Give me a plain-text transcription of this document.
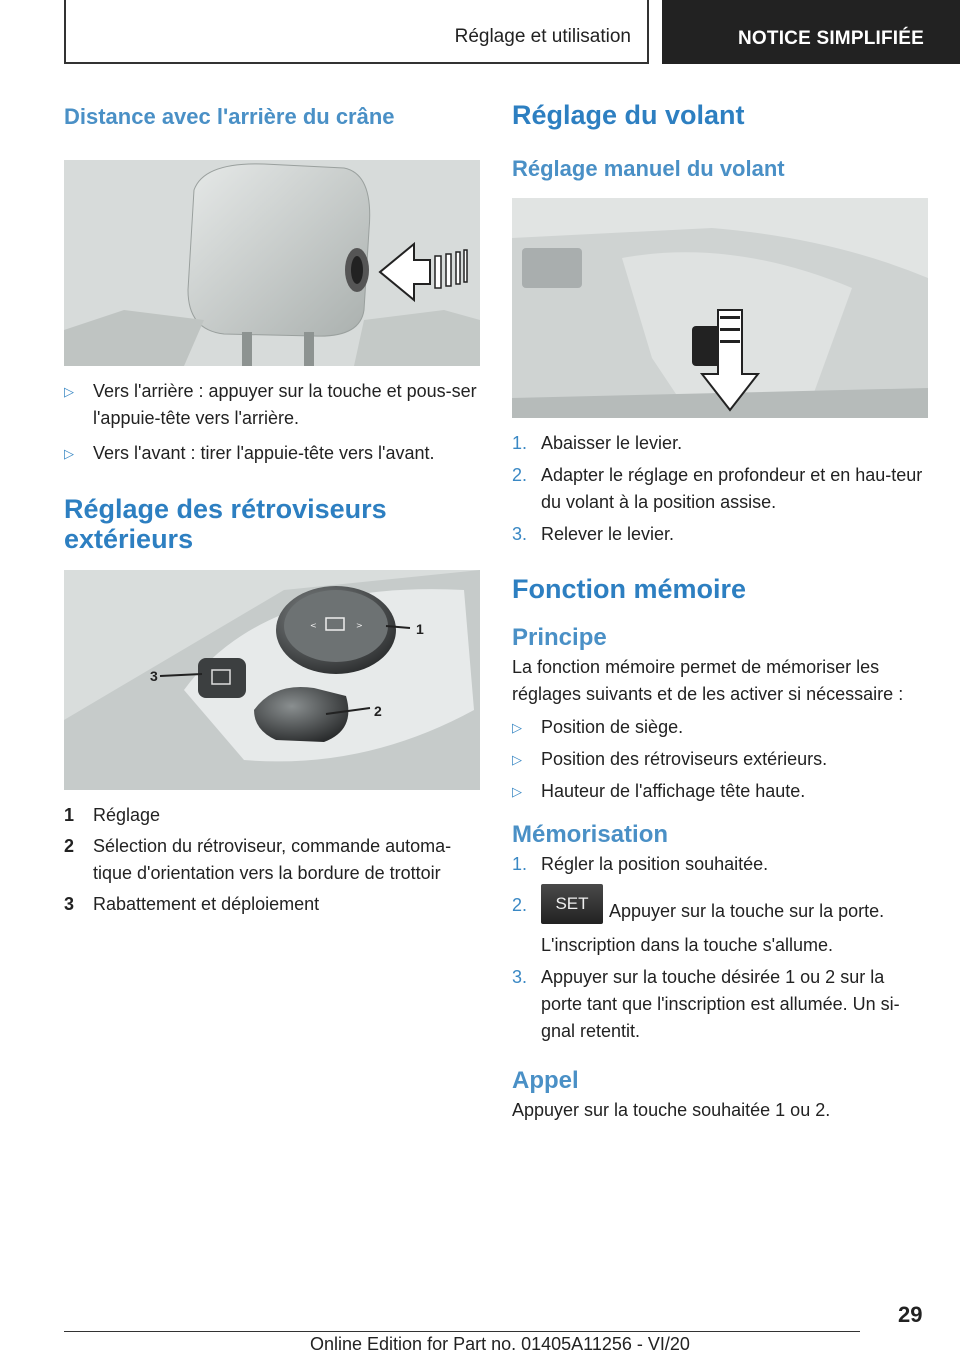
Réglage et utilisation	NOTICE SIMPLIFIÉE
Distance avec l'arrière du crâne
▷ Vers l'arrière : appuyer sur la touche et pous-ser l'appuie-tête vers l'arrière.
▷ Vers l'avant : tirer l'appuie-tête vers l'avant.
Réglage des rétroviseurs extérieurs
<	>	1
2
3
1 Réglage
2 Sélection du rétroviseur, commande automa-tique d'orientation vers la bordure de trottoir
3 Rabattement et déploiement
Réglage du volant
Réglage manuel du volant
1. Abaisser le levier.
2. Adapter le réglage en profondeur et en hau-teur du volant à la position assise.
3. Relever le levier.
Fonction mémoire
Principe

La fonction mémoire permet de mémoriser les réglages suivants et de les activer si nécessaire :

▷ Position de siège.
▷ Position des rétroviseurs extérieurs.
▷ Hauteur de l'affichage tête haute.
Mémorisation
1. Régler la position souhaitée.
2. SET Appuyer sur la touche sur la porte. L'inscription dans la touche s'allume.
3. Appuyer sur la touche désirée 1 ou 2 sur la porte tant que l'inscription est allumée. Un si-gnal retentit.
Appel

Appuyer sur la touche souhaitée 1 ou 2.

29
Online Edition for Part no. 01405A11256 - VI/20
